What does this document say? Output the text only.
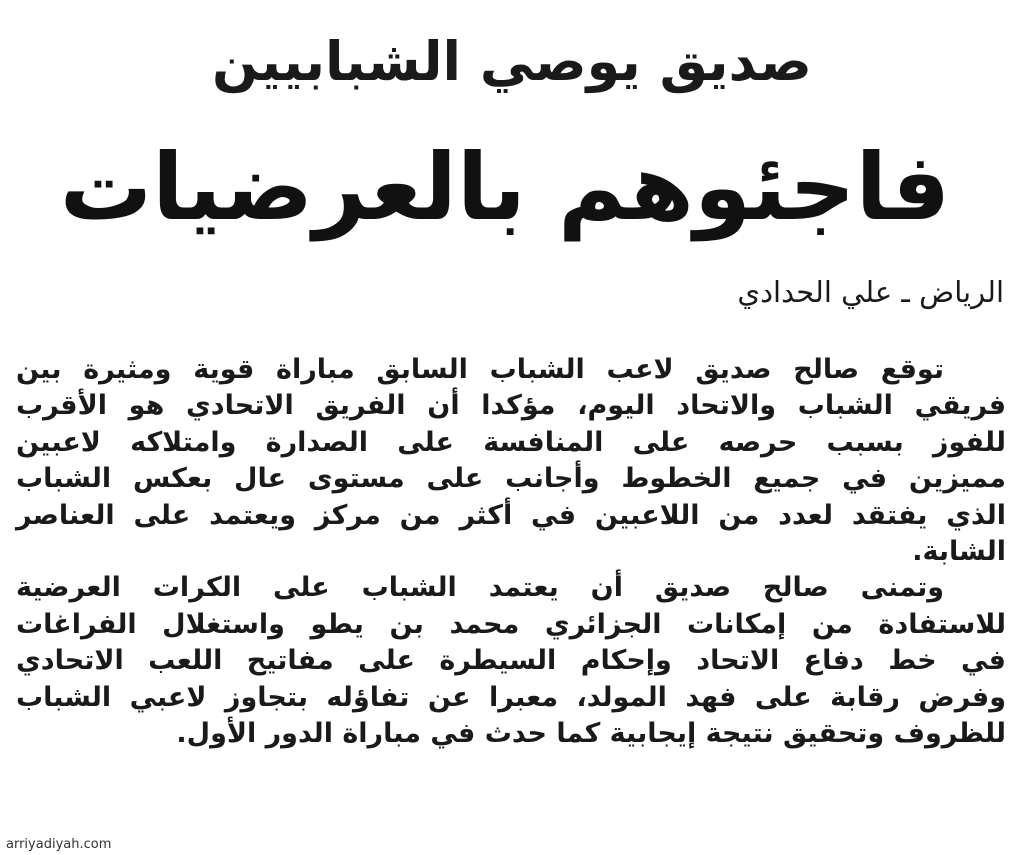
صديق يوصي الشبابيين
فاجئوهم بالعرضيات
الرياض ـ علي الحدادي
توقع صالح صديق لاعب الشباب السابق مباراة قوية ومثيرة بين
فريقي الشباب والاتحاد اليوم، مؤكدا أن الفريق الاتحادي هو الأقرب
للفوز بسبب حرصه على المنافسة على الصدارة وامتلاكه لاعبين
مميزين في جميع الخطوط وأجانب على مستوى عال بعكس الشباب
الذي يفتقد لعدد من اللاعبين في أكثر من مركز ويعتمد على العناصر
الشابة.
وتمنى صالح صديق أن يعتمد الشباب على الكرات العرضية
للاستفادة من إمكانات الجزائري محمد بن يطو واستغلال الفراغات
في خط دفاع الاتحاد وإحكام السيطرة على مفاتيح اللعب الاتحادي
وفرض رقابة على فهد المولد، معبرا عن تفاؤله بتجاوز لاعبي الشباب
للظروف وتحقيق نتيجة إيجابية كما حدث في مباراة الدور الأول.
arriyadiyah.com
